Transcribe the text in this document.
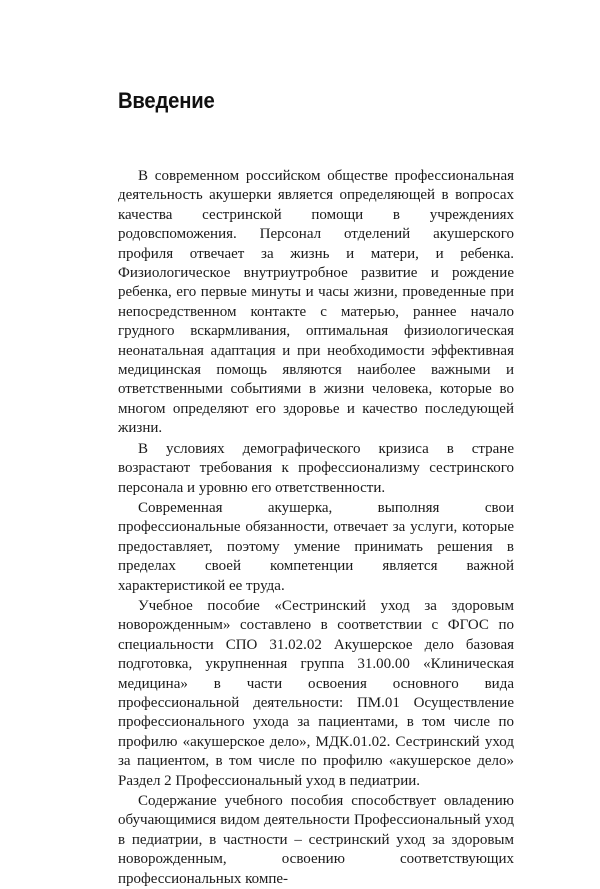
Введение

В современном российском обществе профессиональная деятельность акушерки является определяющей в вопросах качества сестринской помощи в учреждениях родовспоможения. Персонал отделений акушерского профиля отвечает за жизнь и матери, и ребенка. Физиологическое внутриутробное развитие и рождение ребенка, его первые минуты и часы жизни, проведенные при непосредственном контакте с матерью, раннее начало грудного вскармливания, оптимальная физиологическая неонатальная адаптация и при необходимости эффективная медицинская помощь являются наиболее важными и ответственными событиями в жизни человека, которые во многом определяют его здоровье и качество последующей жизни.

В условиях демографического кризиса в стране возрастают требования к профессионализму сестринского персонала и уровню его ответственности.

Современная акушерка, выполняя свои профессиональные обязанности, отвечает за услуги, которые предоставляет, поэтому умение принимать решения в пределах своей компетенции является важной характеристикой ее труда.

Учебное пособие «Сестринский уход за здоровым новорожденным» составлено в соответствии с ФГОС по специальности СПО 31.02.02 Акушерское дело базовая подготовка, укрупненная группа 31.00.00 «Клиническая медицина» в части освоения основного вида профессиональной деятельности: ПМ.01 Осуществление профессионального ухода за пациентами, в том числе по профилю «акушерское дело», МДК.01.02. Сестринский уход за пациентом, в том числе по профилю «акушерское дело» Раздел 2 Профессиональный уход в педиатрии.

Содержание учебного пособия способствует овладению обучающимися видом деятельности Профессиональный уход в педиатрии, в частности – сестринский уход за здоровым новорожденным, освоению соответствующих профессиональных компе-
